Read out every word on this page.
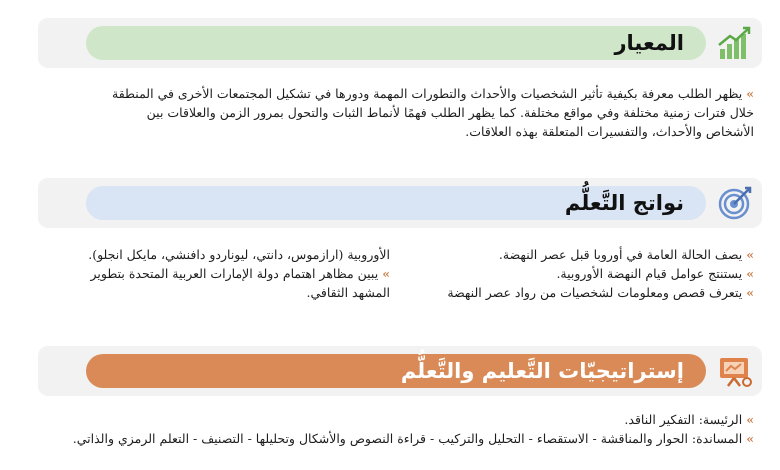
المعيار
»يظهر الطلب معرفة بكيفية تأثير الشخصيات والأحداث والتطورات المهمة ودورها في تشكيل المجتمعات الأخرى في المنطقة
خلال فترات زمنية مختلفة وفي مواقع مختلفة. كما يظهر الطلب فهمًا لأنماط الثبات والتحول بمرور الزمن والعلاقات بين
الأشخاص والأحداث، والتفسيرات المتعلقة بهذه العلاقات.
نواتج التَّعلُّم
»يصف الحالة العامة في أوروبا قبل عصر النهضة.
»يستنتج عوامل قيام النهضة الأوروبية.
»يتعرف قصص ومعلومات لشخصيات من رواد عصر النهضة
الأوروبية (ارازموس، دانتي، ليوناردو دافنشي، مايكل انجلو).
»يبين مظاهر اهتمام دولة الإمارات العربية المتحدة بتطوير
المشهد الثقافي.
إستراتيجيّات التَّعليم والتَّعلُّم
»الرئيسة: التفكير الناقد.
»المساندة: الحوار والمناقشة - الاستقصاء - التحليل والتركيب - قراءة النصوص والأشكال وتحليلها - التصنيف - التعلم الرمزي والذاتي.
